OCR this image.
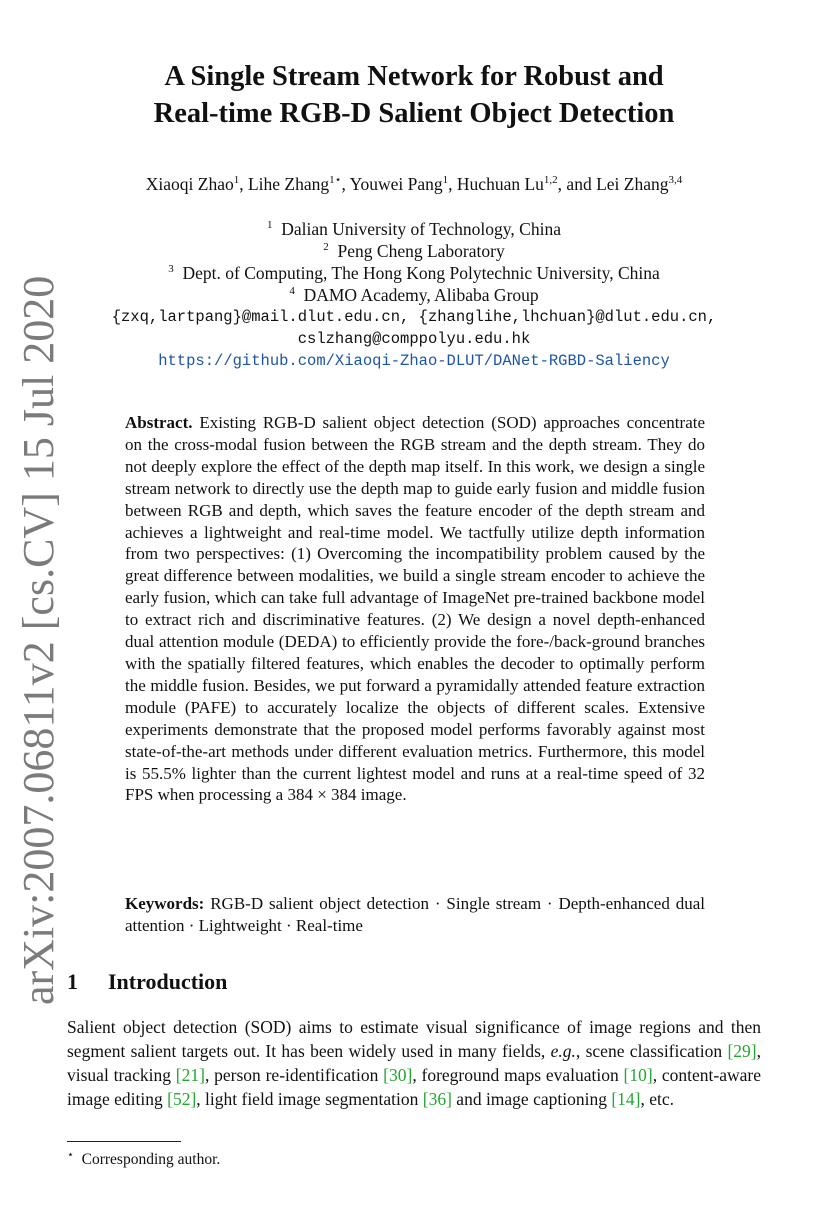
arXiv:2007.06811v2 [cs.CV] 15 Jul 2020
A Single Stream Network for Robust and
Real-time RGB-D Salient Object Detection
Xiaoqi Zhao$^1$, Lihe Zhang$^{1⋆}$, Youwei Pang$^1$, Huchuan Lu$^{1,2}$, and Lei Zhang$^{3,4}$
$^1$ Dalian University of Technology, China
$^2$ Peng Cheng Laboratory
$^3$ Dept. of Computing, The Hong Kong Polytechnic University, China
$^4$ DAMO Academy, Alibaba Group
{zxq,lartpang}@mail.dlut.edu.cn, {zhanglihe,lhchuan}@dlut.edu.cn,
cslzhang@comppolyu.edu.hk
https://github.com/Xiaoqi-Zhao-DLUT/DANet-RGBD-Saliency
Abstract. Existing RGB-D salient object detection (SOD) approaches concentrate on the cross-modal fusion between the RGB stream and the depth stream. They do not deeply explore the effect of the depth map itself. In this work, we design a single stream network to directly use the depth map to guide early fusion and middle fusion between RGB and depth, which saves the feature encoder of the depth stream and achieves a lightweight and real-time model. We tactfully utilize depth information from two perspectives: (1) Overcoming the incompatibility problem caused by the great difference between modalities, we build a single stream encoder to achieve the early fusion, which can take full advantage of ImageNet pre-trained backbone model to extract rich and discriminative features. (2) We design a novel depth-enhanced dual attention module (DEDA) to efficiently provide the fore-/back-ground branches with the spatially filtered features, which enables the decoder to optimally perform the middle fusion. Besides, we put forward a pyramidally attended feature extraction module (PAFE) to accurately localize the objects of different scales. Extensive experiments demonstrate that the proposed model performs favorably against most state-of-the-art methods under different evaluation metrics. Furthermore, this model is 55.5% lighter than the current lightest model and runs at a real-time speed of 32 FPS when processing a 384 × 384 image.
Keywords: RGB-D salient object detection · Single stream · Depth-enhanced dual attention · Lightweight · Real-time
1 Introduction
Salient object detection (SOD) aims to estimate visual significance of image regions and then segment salient targets out. It has been widely used in many fields, e.g., scene classification [29], visual tracking [21], person re-identification [30], foreground maps evaluation [10], content-aware image editing [52], light field image segmentation [36] and image captioning [14], etc.
⋆ Corresponding author.
